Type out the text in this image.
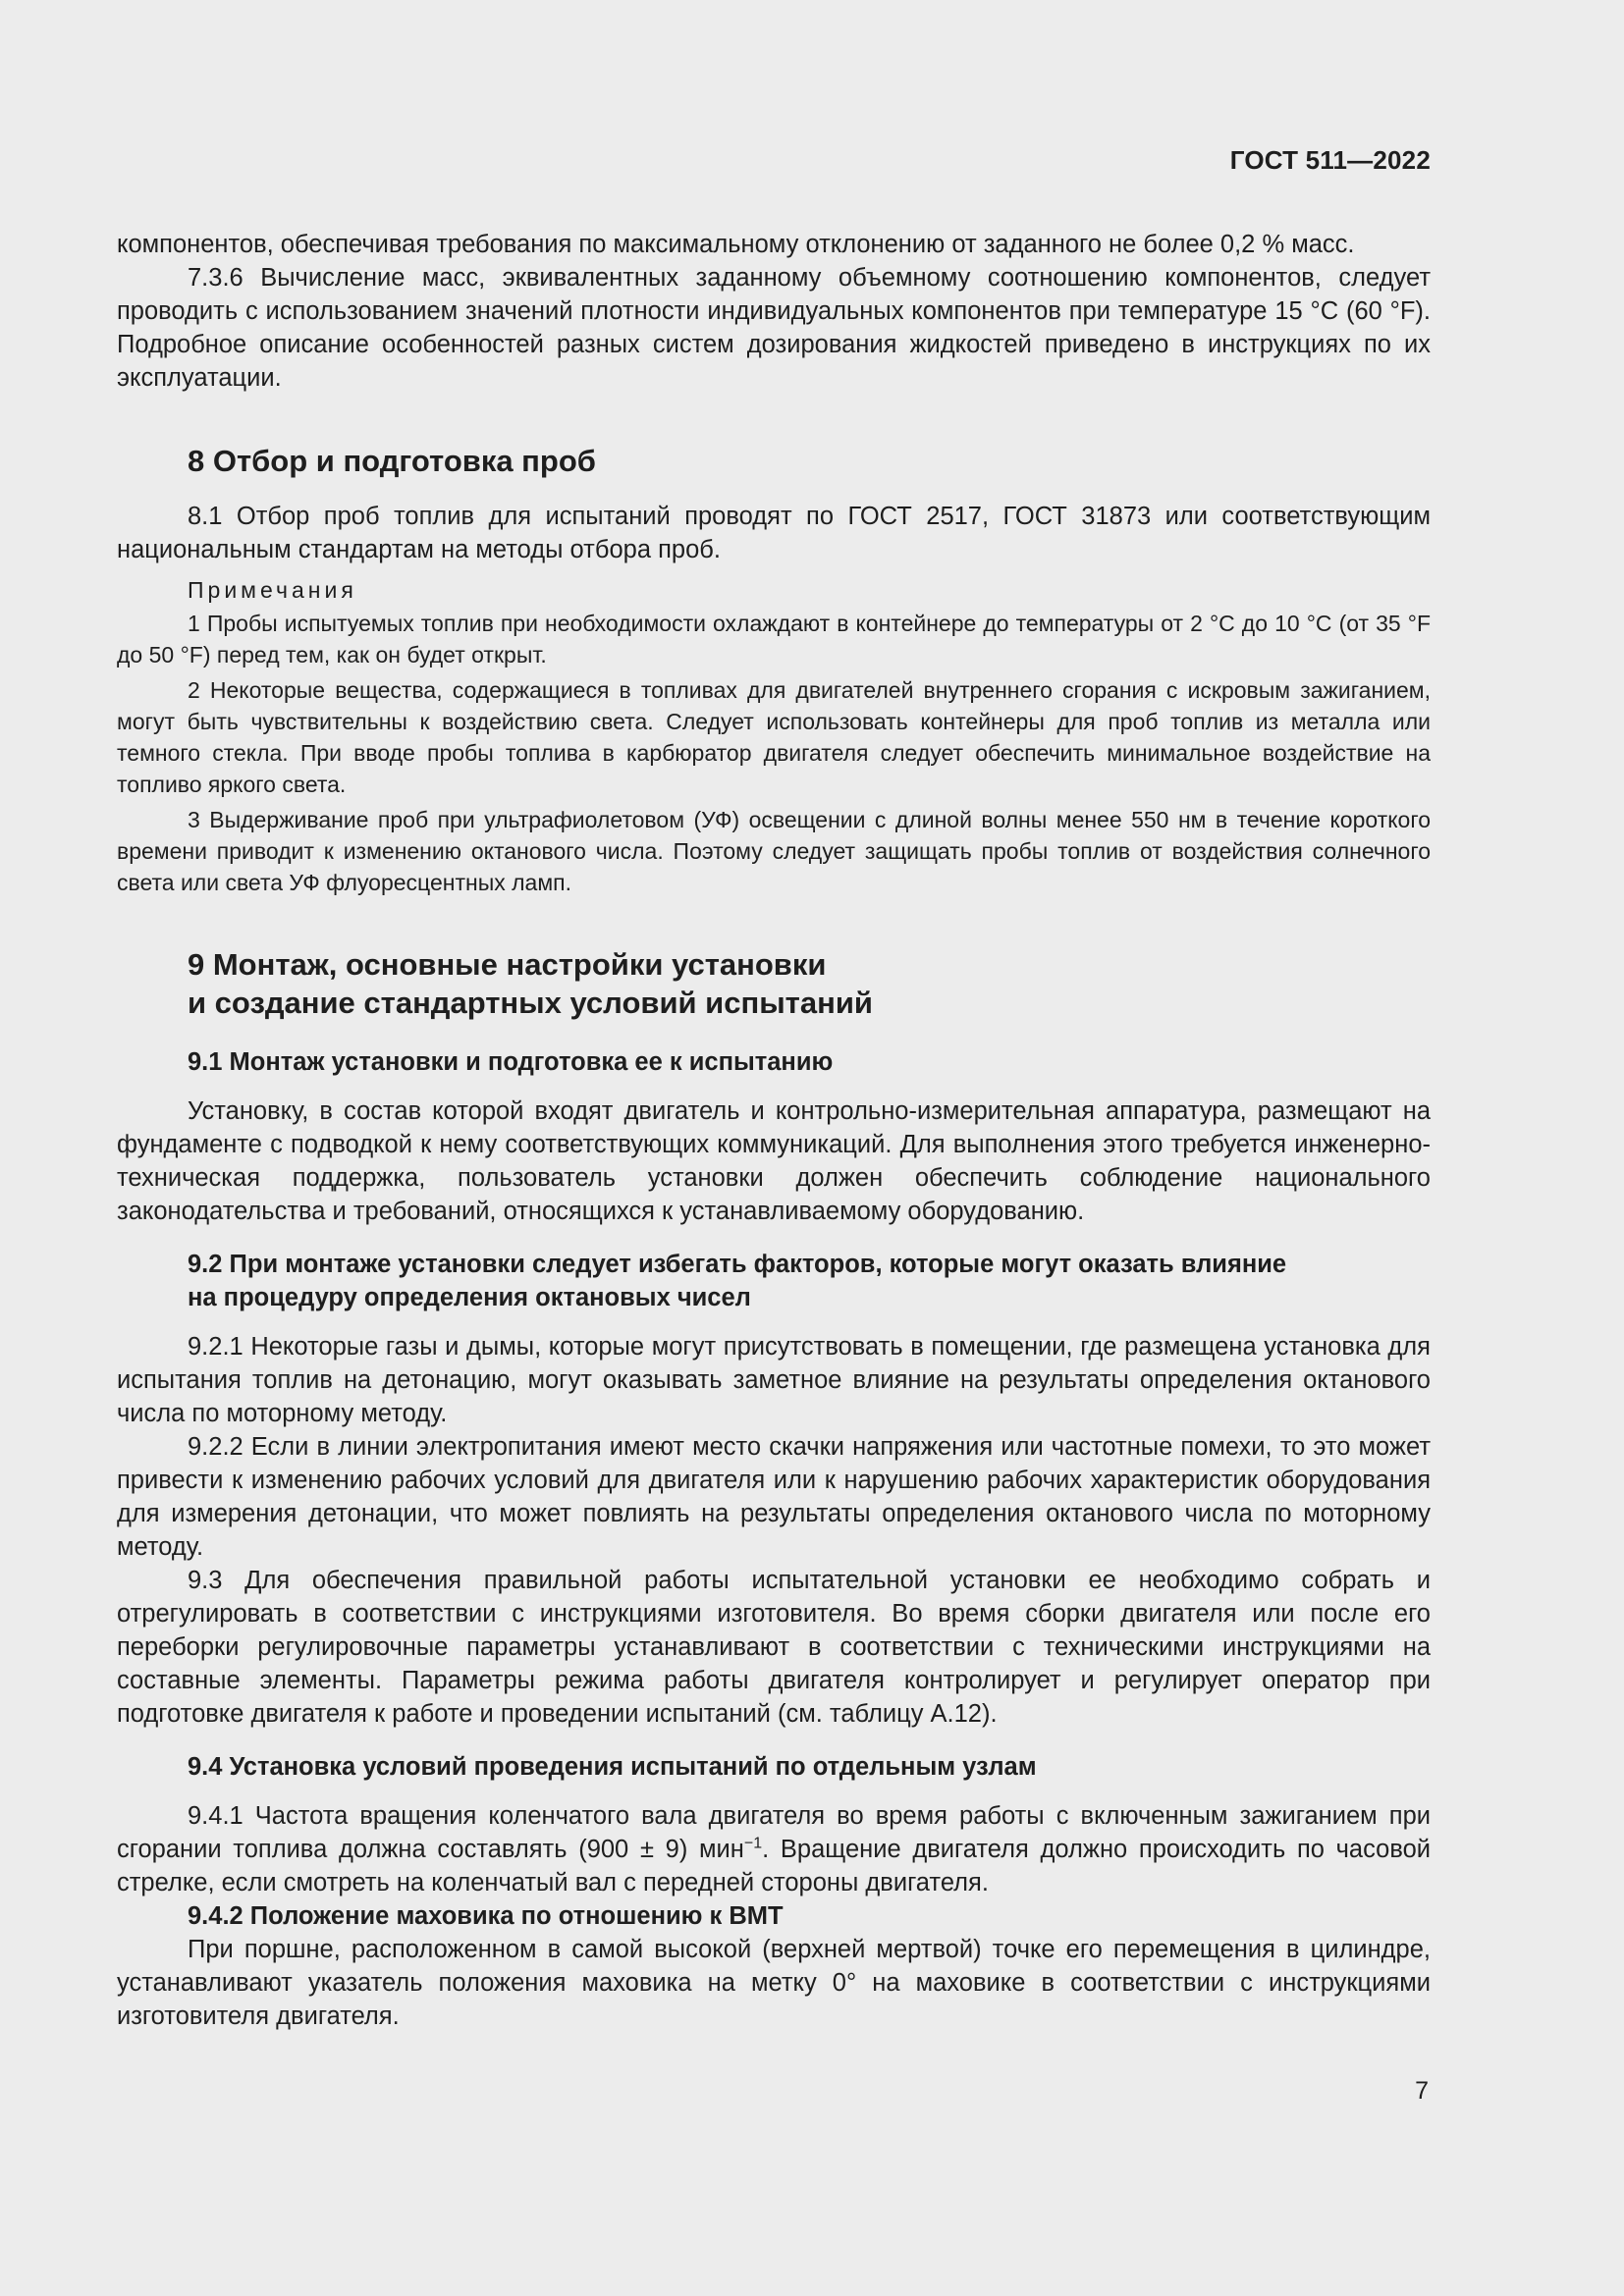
ГОСТ 511—2022

компонентов, обеспечивая требования по максимальному отклонению от заданного не более 0,2 % масс.

7.3.6 Вычисление масс, эквивалентных заданному объемному соотношению компонентов, следует проводить с использованием значений плотности индивидуальных компонентов при температуре 15 °С (60 °F). Подробное описание особенностей разных систем дозирования жидкостей приведено в инструкциях по их эксплуатации.

8 Отбор и подготовка проб

8.1 Отбор проб топлив для испытаний проводят по ГОСТ 2517, ГОСТ 31873 или соответствующим национальным стандартам на методы отбора проб.

Примечания

1 Пробы испытуемых топлив при необходимости охлаждают в контейнере до температуры от 2 °С до 10 °С (от 35 °F до 50 °F) перед тем, как он будет открыт.

2 Некоторые вещества, содержащиеся в топливах для двигателей внутреннего сгорания с искровым зажиганием, могут быть чувствительны к воздействию света. Следует использовать контейнеры для проб топлив из металла или темного стекла. При вводе пробы топлива в карбюратор двигателя следует обеспечить минимальное воздействие на топливо яркого света.

3 Выдерживание проб при ультрафиолетовом (УФ) освещении с длиной волны менее 550 нм в течение короткого времени приводит к изменению октанового числа. Поэтому следует защищать пробы топлив от воздействия солнечного света или света УФ флуоресцентных ламп.

9 Монтаж, основные настройки установки
и создание стандартных условий испытаний
9.1 Монтаж установки и подготовка ее к испытанию

Установку, в состав которой входят двигатель и контрольно-измерительная аппаратура, размещают на фундаменте с подводкой к нему соответствующих коммуникаций. Для выполнения этого требуется инженерно-техническая поддержка, пользователь установки должен обеспечить соблюдение национального законодательства и требований, относящихся к устанавливаемому оборудованию.

9.2 При монтаже установки следует избегать факторов, которые могут оказать влияние
на процедуру определения октановых чисел

9.2.1 Некоторые газы и дымы, которые могут присутствовать в помещении, где размещена установка для испытания топлив на детонацию, могут оказывать заметное влияние на результаты определения октанового числа по моторному методу.

9.2.2 Если в линии электропитания имеют место скачки напряжения или частотные помехи, то это может привести к изменению рабочих условий для двигателя или к нарушению рабочих характеристик оборудования для измерения детонации, что может повлиять на результаты определения октанового числа по моторному методу.

9.3 Для обеспечения правильной работы испытательной установки ее необходимо собрать и отрегулировать в соответствии с инструкциями изготовителя. Во время сборки двигателя или после его переборки регулировочные параметры устанавливают в соответствии с техническими инструкциями на составные элементы. Параметры режима работы двигателя контролирует и регулирует оператор при подготовке двигателя к работе и проведении испытаний (см. таблицу А.12).

9.4 Установка условий проведения испытаний по отдельным узлам

9.4.1 Частота вращения коленчатого вала двигателя во время работы с включенным зажиганием при сгорании топлива должна составлять (900 ± 9) мин$^{-1}$. Вращение двигателя должно происходить по часовой стрелке, если смотреть на коленчатый вал с передней стороны двигателя.

9.4.2 Положение маховика по отношению к ВМТ

При поршне, расположенном в самой высокой (верхней мертвой) точке его перемещения в цилиндре, устанавливают указатель положения маховика на метку 0° на маховике в соответствии с инструкциями изготовителя двигателя.

7
